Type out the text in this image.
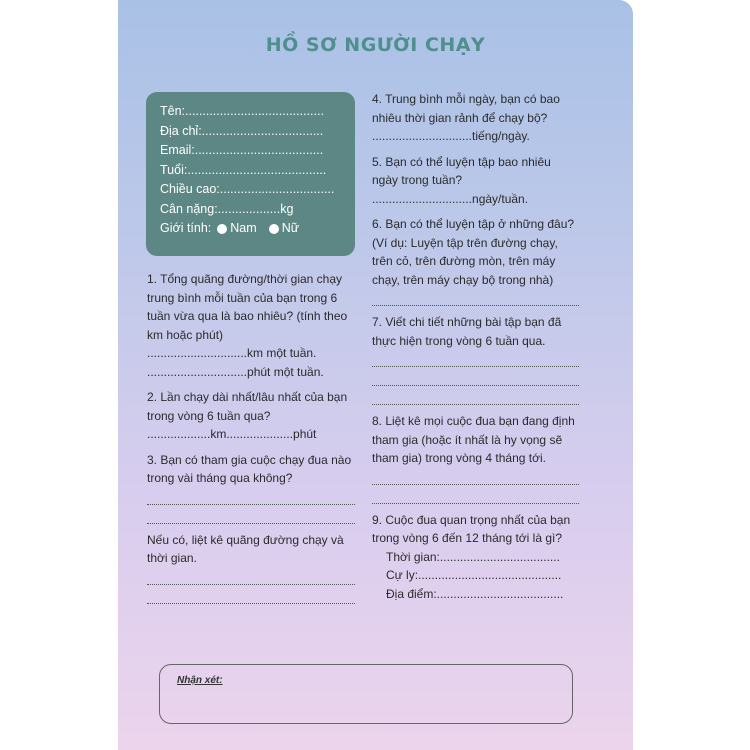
HỒ SƠ NGƯỜI CHẠY
Tên:........................................
Địa chỉ:...................................
Email:.....................................
Tuổi:........................................
Chiều cao:.................................
Cân nặng:..................kg
Giới tính: Nam Nữ
1. Tổng quãng đường/thời gian chạy trung bình mỗi tuần của bạn trong 6 tuần vừa qua là bao nhiêu? (tính theo km hoặc phút)
..............................km một tuần.
..............................phút một tuần.
2. Lần chạy dài nhất/lâu nhất của bạn trong vòng 6 tuần qua?
...................km....................phút
3. Bạn có tham gia cuộc chạy đua nào trong vài tháng qua không?
Nếu có, liệt kê quãng đường chạy và thời gian.
4. Trung bình mỗi ngày, bạn có bao nhiêu thời gian rảnh để chạy bộ?
..............................tiếng/ngày.
5. Bạn có thể luyện tập bao nhiêu ngày trong tuần?
..............................ngày/tuần.
6. Bạn có thể luyện tập ở những đâu? (Ví dụ: Luyện tập trên đường chạy, trên cỏ, trên đường mòn, trên máy chạy, trên máy chạy bộ trong nhà)
7. Viết chi tiết những bài tập bạn đã thực hiện trong vòng 6 tuần qua.
8. Liệt kê mọi cuộc đua bạn đang định tham gia (hoặc ít nhất là hy vọng sẽ tham gia) trong vòng 4 tháng tới.
9. Cuộc đua quan trọng nhất của bạn trong vòng 6 đến 12 tháng tới là gì?
Thời gian:....................................
Cự ly:...........................................
Địa điểm:......................................
Nhận xét:
